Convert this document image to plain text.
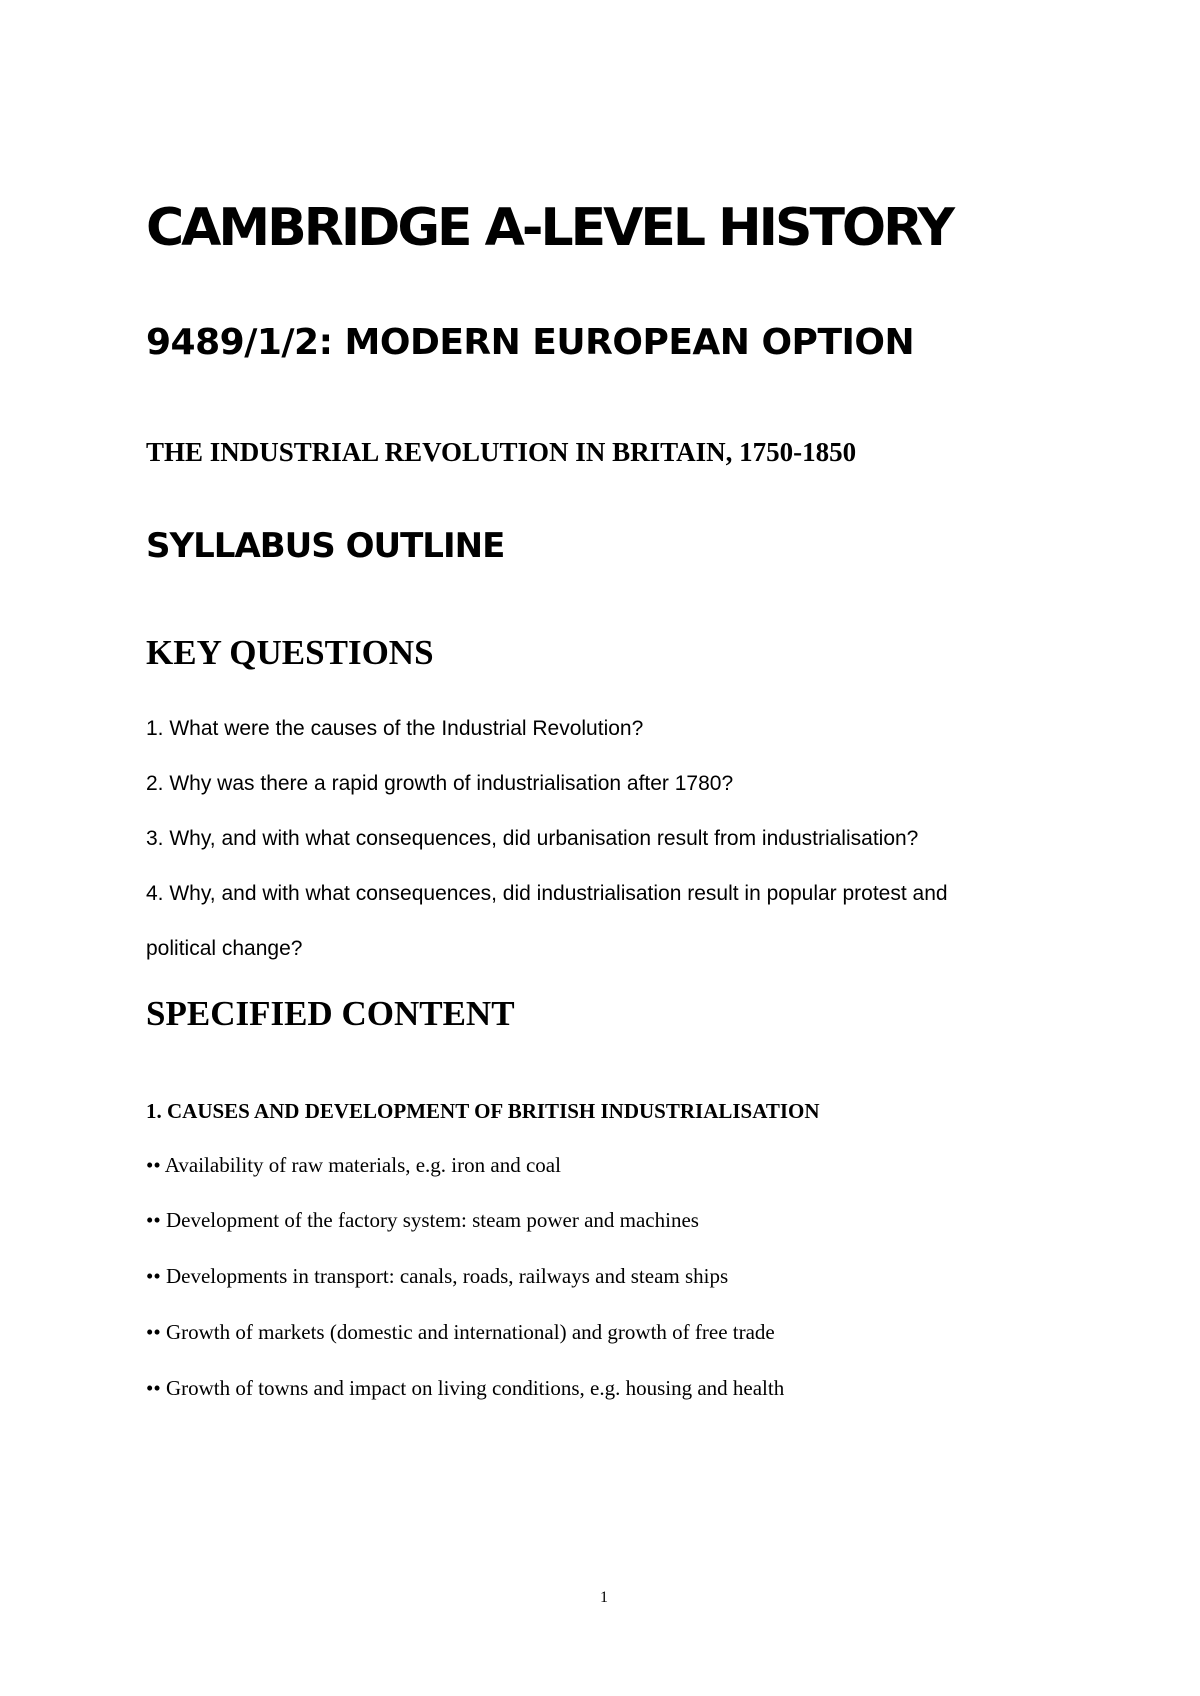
CAMBRIDGE A-LEVEL HISTORY
9489/1/2: MODERN EUROPEAN OPTION
THE INDUSTRIAL REVOLUTION IN BRITAIN, 1750-1850
SYLLABUS OUTLINE
KEY QUESTIONS

1. What were the causes of the Industrial Revolution?

2. Why was there a rapid growth of industrialisation after 1780?

3. Why, and with what consequences, did urbanisation result from industrialisation?

4. Why, and with what consequences, did industrialisation result in popular protest and

political change?

SPECIFIED CONTENT
1. CAUSES AND DEVELOPMENT OF BRITISH INDUSTRIALISATION

•• Availability of raw materials, e.g. iron and coal

•• Development of the factory system: steam power and machines

•• Developments in transport: canals, roads, railways and steam ships

•• Growth of markets (domestic and international) and growth of free trade

•• Growth of towns and impact on living conditions, e.g. housing and health

1
